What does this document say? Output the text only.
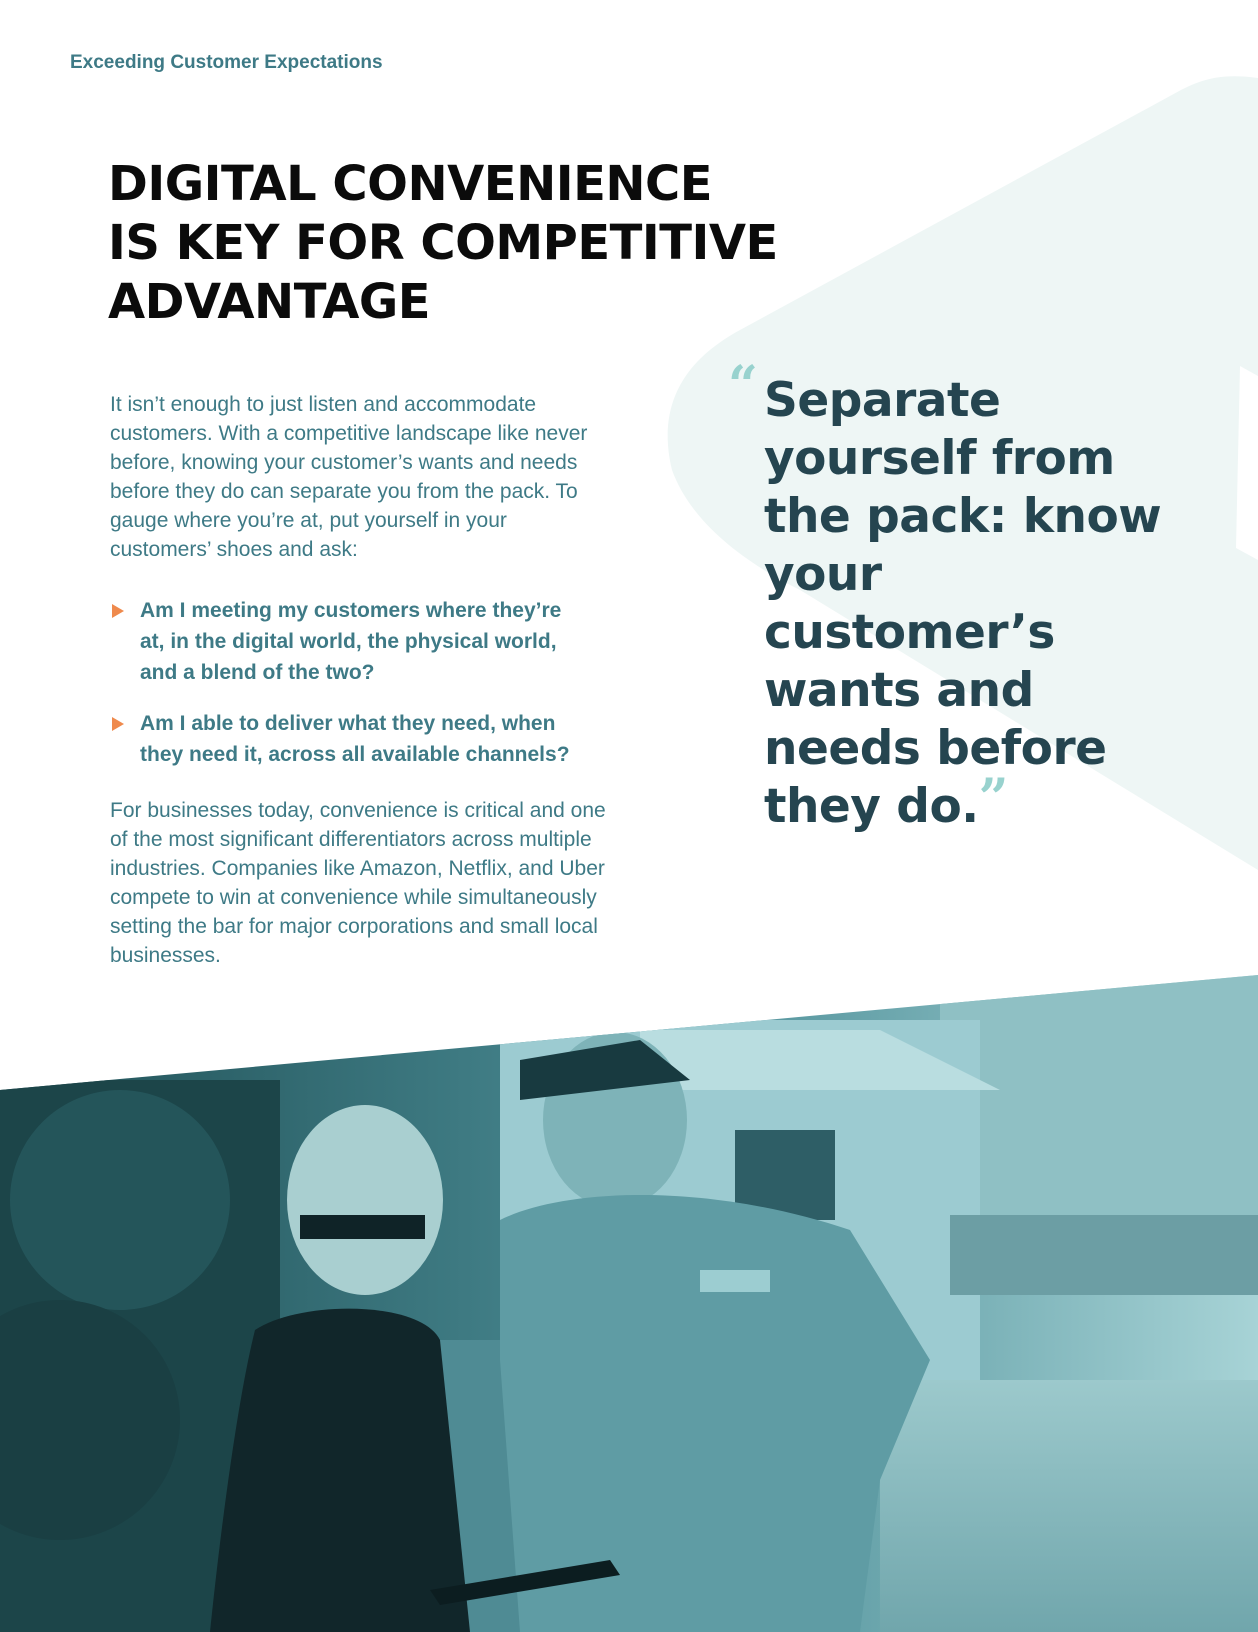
Exceeding Customer Expectations
DIGITAL CONVENIENCE
IS KEY FOR COMPETITIVE
ADVANTAGE

It isn’t enough to just listen and accommodate customers. With a competitive landscape like never before, knowing your customer’s wants and needs before they do can separate you from the pack. To gauge where you’re at, put yourself in your customers’ shoes and ask:

Am I meeting my customers where they’re at, in the digital world, the physical world, and a blend of the two?
Am I able to deliver what they need, when they need it, across all available channels?

For businesses today, convenience is critical and one of the most significant differentiators across multiple industries. Companies like Amazon, Netflix, and Uber compete to win at convenience while simultaneously setting the bar for major corporations and small local businesses.

“ Separate yourself from the pack: know your customer’s wants and needs before they do.”
